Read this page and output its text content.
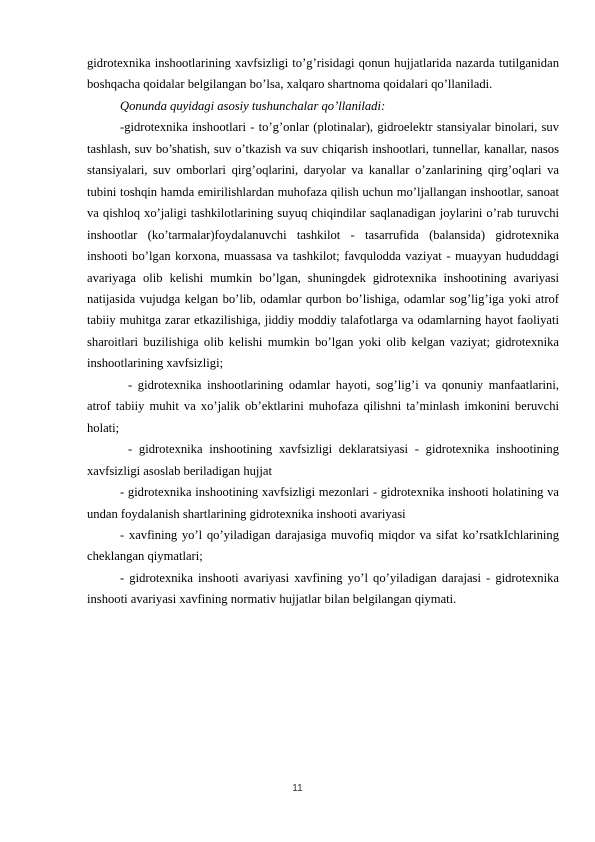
gidrotexnika inshootlarining xavfsizligi to’g’risidagi qonun hujjatlarida nazarda tutilganidan boshqacha qoidalar belgilangan bo’lsa, xalqaro shartnoma qoidalari qo’llaniladi.

Qonunda quyidagi asosiy tushunchalar qo’llaniladi:

-gidrotexnika inshootlari - to’g’onlar (plotinalar), gidroelektr stansiyalar binolari, suv tashlash, suv bo’shatish, suv o’tkazish va suv chiqarish inshootlari, tunnellar, kanallar, nasos stansiyalari, suv omborlari qirg’oqlarini, daryolar va kanallar o’zanlarining qirg’oqlari va tubini toshqin hamda emirilishlardan muhofaza qilish uchun mo’ljallangan inshootlar, sanoat va qishloq xo’jaligi tashkilotlarining suyuq chiqindilar saqlanadigan joylarini o’rab turuvchi inshootlar (ko’tarmalar)foydalanuvchi tashkilot - tasarrufida (balansida) gidrotexnika inshooti bo’lgan korxona, muassasa va tashkilot; favqulodda vaziyat - muayyan hududdagi avariyaga olib kelishi mumkin bo’lgan, shuningdek gidrotexnika inshootining avariyasi natijasida vujudga kelgan bo’lib, odamlar qurbon bo’lishiga, odamlar sog’lig’iga yoki atrof tabiiy muhitga zarar etkazilishiga, jiddiy moddiy talafotlarga va odamlarning hayot faoliyati sharoitlari buzilishiga olib kelishi mumkin bo’lgan yoki olib kelgan vaziyat; gidrotexnika inshootlarining xavfsizligi;

- gidrotexnika inshootlarining odamlar hayoti, sog’lig’i va qonuniy manfaatlarini, atrof tabiiy muhit va xo’jalik ob’ektlarini muhofaza qilishni ta’minlash imkonini beruvchi holati;

- gidrotexnika inshootining xavfsizligi deklaratsiyasi - gidrotexnika inshootining xavfsizligi asoslab beriladigan hujjat

- gidrotexnika inshootining xavfsizligi mezonlari - gidrotexnika inshooti holatining va undan foydalanish shartlarining gidrotexnika inshooti avariyasi

- xavfining yo’l qo’yiladigan darajasiga muvofiq miqdor va sifat ko’rsatkIchlarining cheklangan qiymatlari;

- gidrotexnika inshooti avariyasi xavfining yo’l qo’yiladigan darajasi - gidrotexnika inshooti avariyasi xavfining normativ hujjatlar bilan belgilangan qiymati.

11
